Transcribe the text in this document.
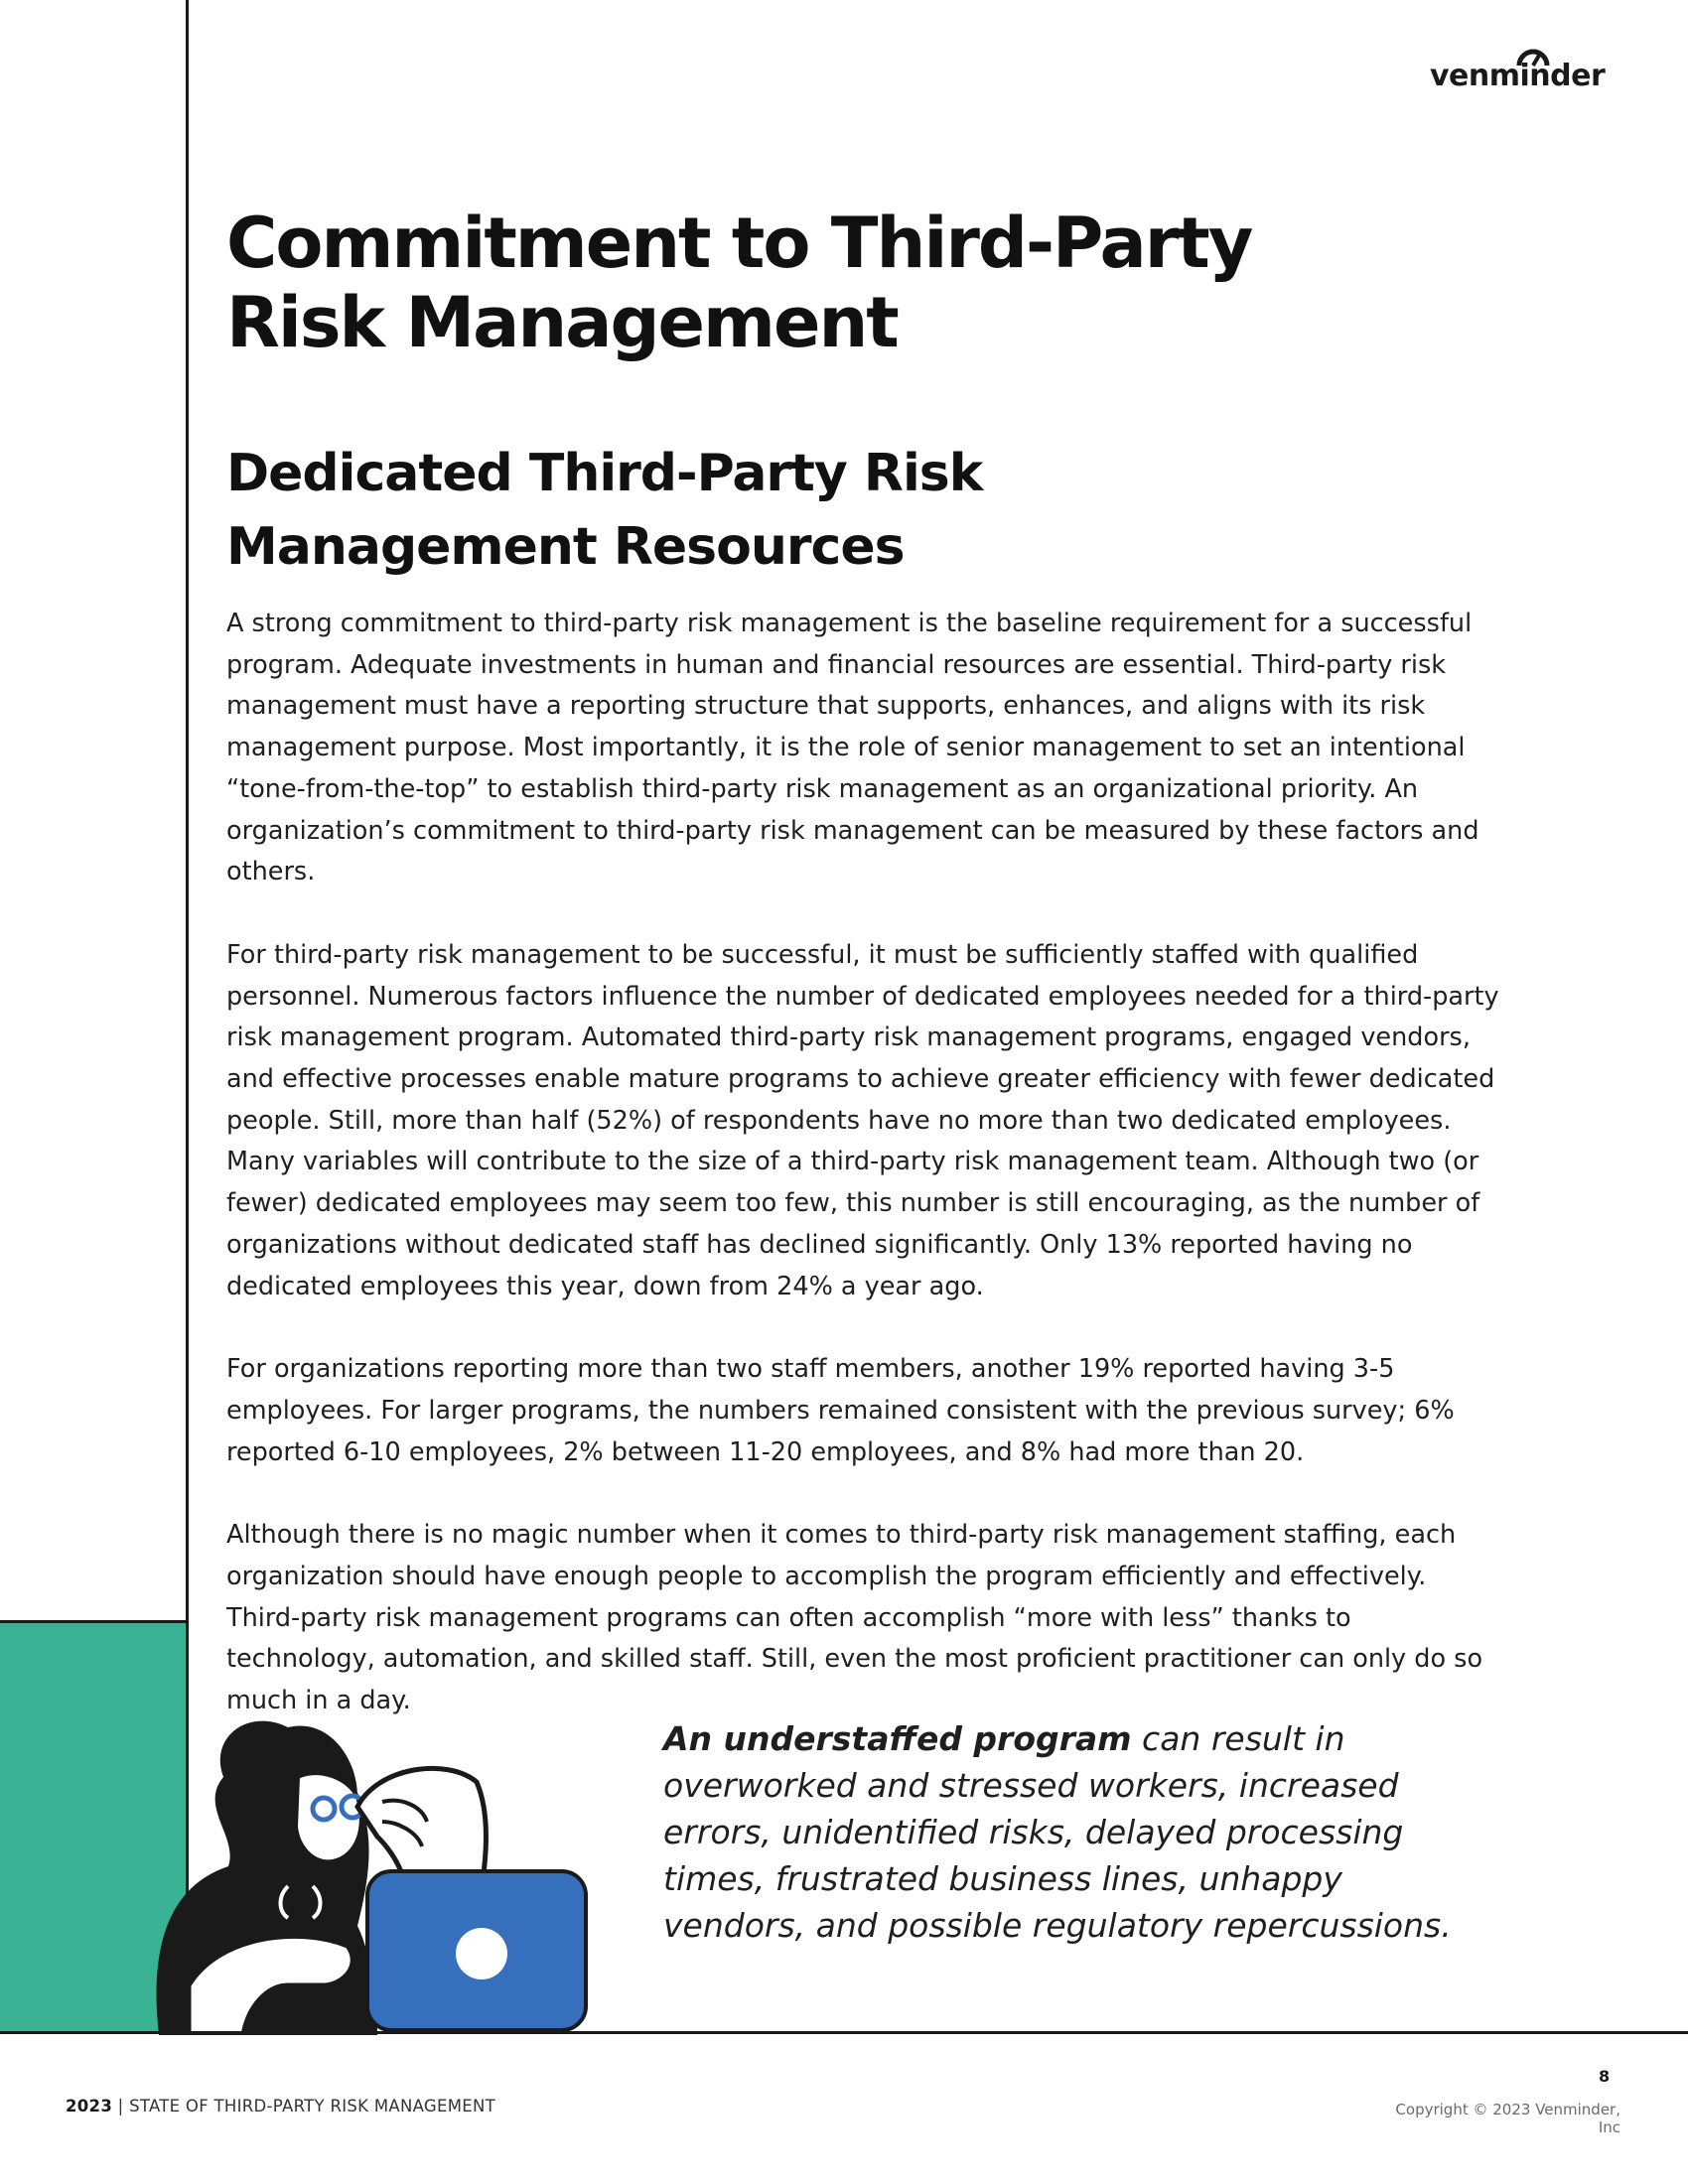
venminder
Commitment to Third-Party
Risk Management
Dedicated Third-Party Risk
Management Resources

A strong commitment to third-party risk management is the baseline requirement for a successful program. Adequate investments in human and financial resources are essential. Third-party risk management must have a reporting structure that supports, enhances, and aligns with its risk management purpose. Most importantly, it is the role of senior management to set an intentional “tone-from-the-top” to establish third-party risk management as an organizational priority. An organization’s commitment to third-party risk management can be measured by these factors and others.

For third-party risk management to be successful, it must be sufficiently staffed with qualified personnel. Numerous factors influence the number of dedicated employees needed for a third-party risk management program. Automated third-party risk management programs, engaged vendors, and effective processes enable mature programs to achieve greater efficiency with fewer dedicated people. Still, more than half (52%) of respondents have no more than two dedicated employees. Many variables will contribute to the size of a third-party risk management team. Although two (or fewer) dedicated employees may seem too few, this number is still encouraging, as the number of organizations without dedicated staff has declined significantly. Only 13% reported having no dedicated employees this year, down from 24% a year ago.

For organizations reporting more than two staff members, another 19% reported having 3-5 employees. For larger programs, the numbers remained consistent with the previous survey; 6% reported 6-10 employees, 2% between 11-20 employees, and 8% had more than 20.

Although there is no magic number when it comes to third-party risk management staffing, each organization should have enough people to accomplish the program efficiently and effectively. Third-party risk management programs can often accomplish “more with less” thanks to technology, automation, and skilled staff. Still, even the most proficient practitioner can only do so much in a day.

An understaffed program can result in overworked and stressed workers, increased errors, unidentified risks, delayed processing times, frustrated business lines, unhappy vendors, and possible regulatory repercussions.
8
2023 | STATE OF THIRD-PARTY RISK MANAGEMENT	Copyright © 2023 Venminder, Inc
